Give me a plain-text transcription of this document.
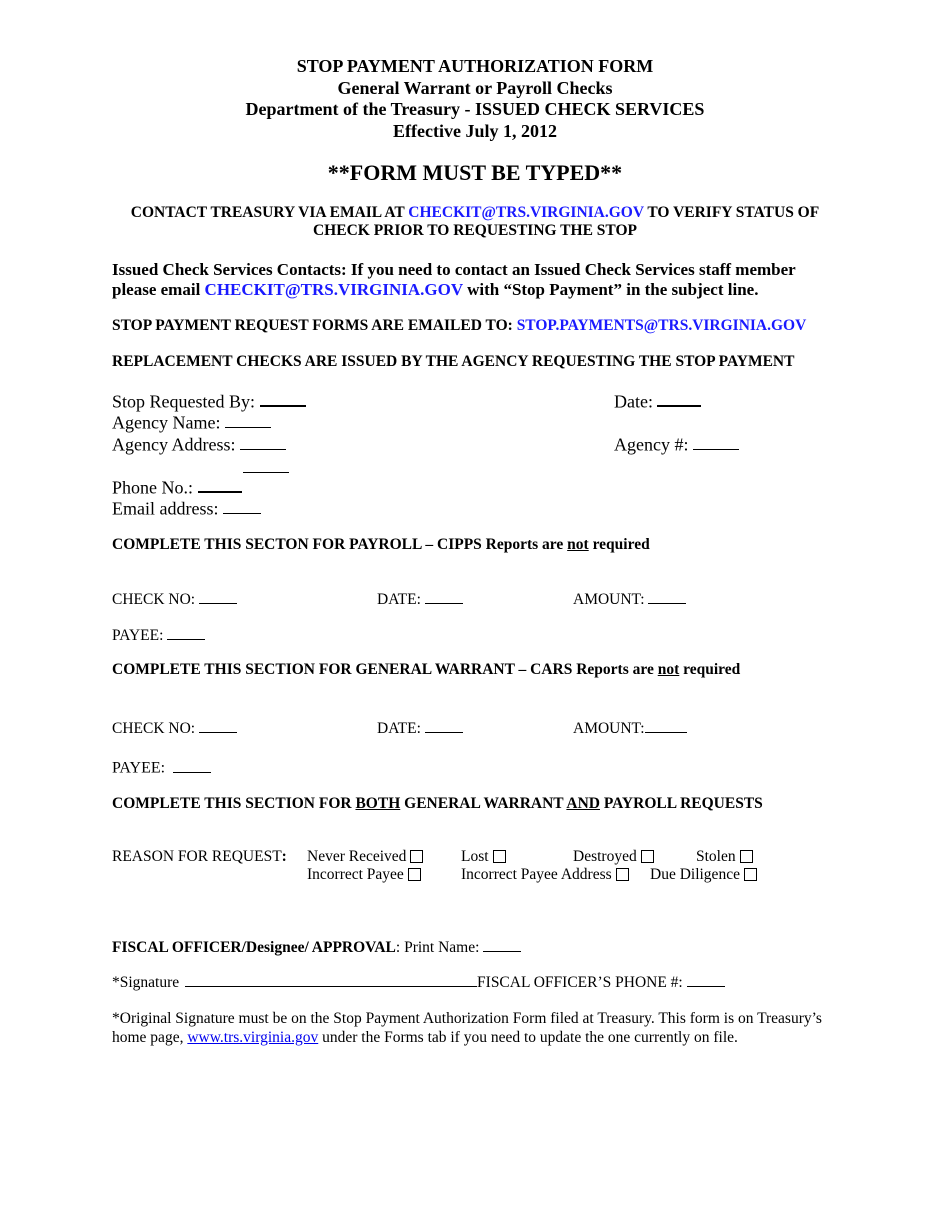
STOP PAYMENT AUTHORIZATION FORM
General Warrant or Payroll Checks
Department of the Treasury - ISSUED CHECK SERVICES
Effective July 1, 2012
**FORM MUST BE TYPED**
CONTACT TREASURY VIA EMAIL AT CHECKIT@TRS.VIRGINIA.GOV TO VERIFY STATUS OF
CHECK PRIOR TO REQUESTING THE STOP
Issued Check Services Contacts: If you need to contact an Issued Check Services staff member
please email CHECKIT@TRS.VIRGINIA.GOV with “Stop Payment” in the subject line.
STOP PAYMENT REQUEST FORMS ARE EMAILED TO: STOP.PAYMENTS@TRS.VIRGINIA.GOV
REPLACEMENT CHECKS ARE ISSUED BY THE AGENCY REQUESTING THE STOP PAYMENT
Stop Requested By:	Date:
Agency Name:
Agency Address:	Agency #:
Phone No.:
Email address:
COMPLETE THIS SECTON FOR PAYROLL – CIPPS Reports are not required
CHECK NO:	DATE:	AMOUNT:
PAYEE:
COMPLETE THIS SECTION FOR GENERAL WARRANT – CARS Reports are not required
CHECK NO:	DATE:	AMOUNT:
PAYEE:
COMPLETE THIS SECTION FOR BOTH GENERAL WARRANT AND PAYROLL REQUESTS
REASON FOR REQUEST: Never Received	Lost	Destroyed	Stolen
Incorrect Payee	Incorrect Payee Address	Due Diligence
FISCAL OFFICER/Designee/ APPROVAL: Print Name:
*Signature	FISCAL OFFICER’S PHONE #:
*Original Signature must be on the Stop Payment Authorization Form filed at Treasury. This form is on Treasury’s
home page, www.trs.virginia.gov under the Forms tab if you need to update the one currently on file.
